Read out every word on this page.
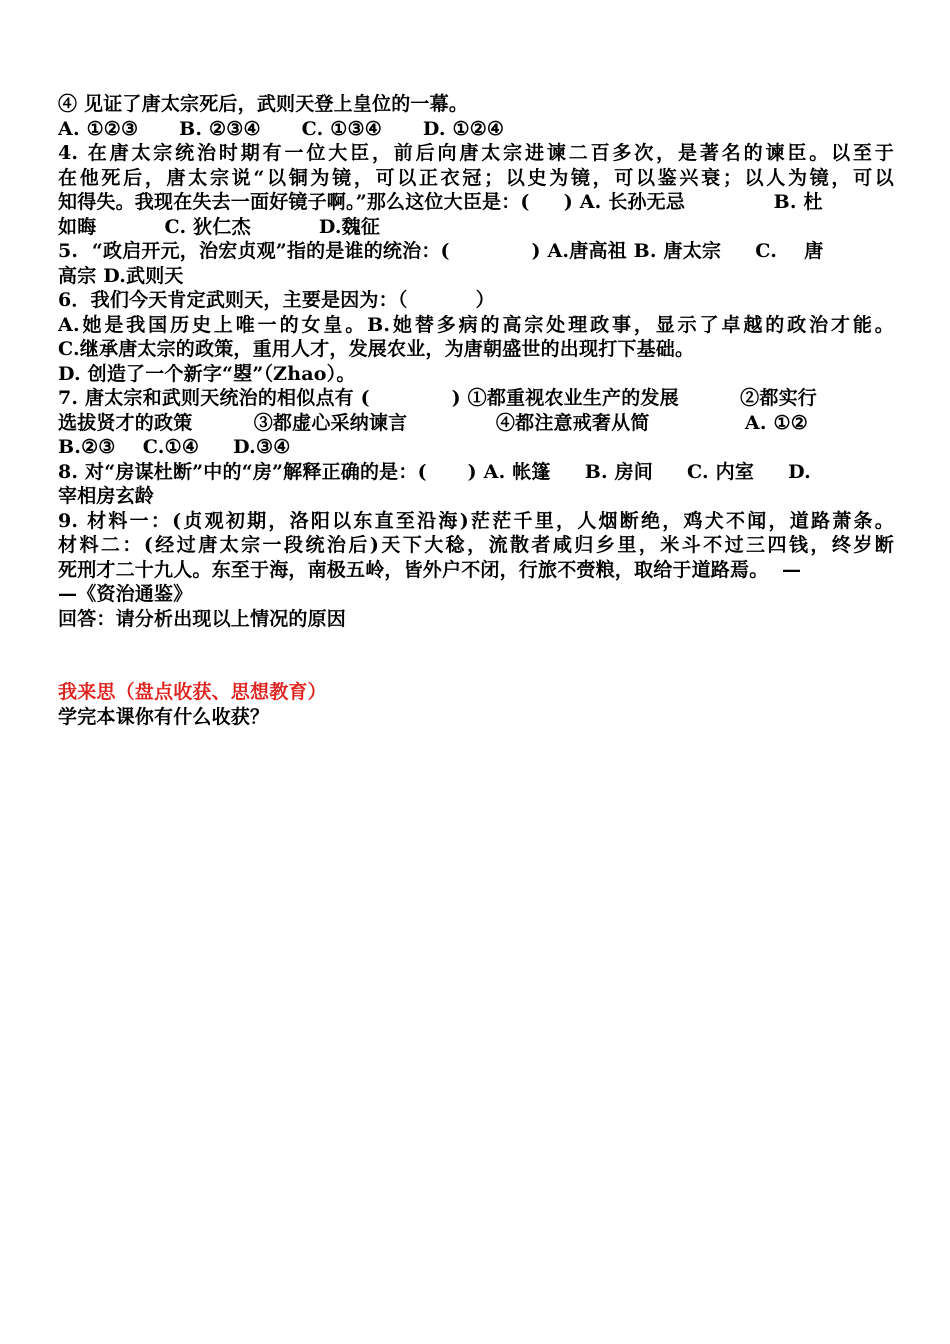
④ 见证了唐太宗死后，武则天登上皇位的一幕。
A. ①②③      B. ②③④      C. ①③④      D. ①②④
4. 在唐太宗统治时期有一位大臣，前后向唐太宗进谏二百多次，是著名的谏臣。以至于
在他死后，唐太宗说“以铜为镜，可以正衣冠；以史为镜，可以鉴兴衰；以人为镜，可以
知得失。我现在失去一面好镜子啊。”那么这位大臣是：(     ) A. 长孙无忌             B. 杜
如晦          C. 狄仁杰          D.魏征
5.  “政启开元，治宏贞观”指的是谁的统治：(            ) A.唐高祖 B. 唐太宗     C.    唐
高宗 D.武则天
6．我们今天肯定武则天，主要是因为：（          ）
A.她是我国历史上唯一的女皇。B.她替多病的高宗处理政事，显示了卓越的政治才能。
C.继承唐太宗的政策，重用人才，发展农业，为唐朝盛世的出现打下基础。
D. 创造了一个新字“曌”（Zhao）。
7. 唐太宗和武则天统治的相似点有 (            ) ①都重视农业生产的发展         ②都实行
选拔贤才的政策         ③都虚心采纳谏言             ④都注意戒奢从简              A. ①②
B.②③    C.①④     D.③④
8. 对“房谋杜断”中的“房”解释正确的是：(      ) A. 帐篷     B. 房间     C. 内室     D.
宰相房玄龄
9. 材料一：(贞观初期，洛阳以东直至沿海)茫茫千里，人烟断绝，鸡犬不闻，道路萧条。
材料二：(经过唐太宗一段统治后)天下大稔，流散者咸归乡里，米斗不过三四钱，终岁断
死刑才二十九人。东至于海，南极五岭，皆外户不闭，行旅不赍粮，取给于道路焉。  —
—《资治通鉴》
回答：请分析出现以上情况的原因
我来思（盘点收获、思想教育）
学完本课你有什么收获？
